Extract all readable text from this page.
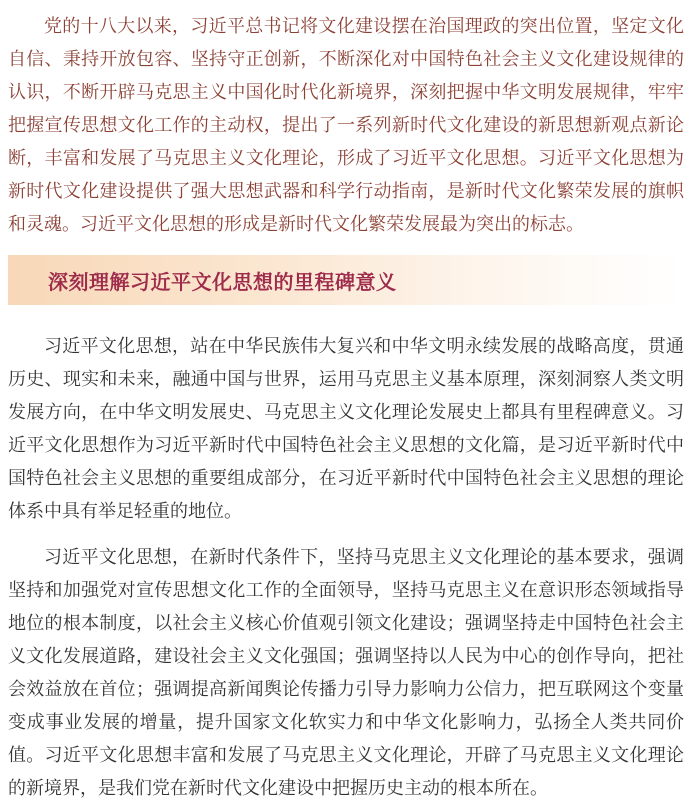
党的十八大以来，习近平总书记将文化建设摆在治国理政的突出位置，坚定文化自信、秉持开放包容、坚持守正创新，不断深化对中国特色社会主义文化建设规律的认识，不断开辟马克思主义中国化时代化新境界，深刻把握中华文明发展规律，牢牢把握宣传思想文化工作的主动权，提出了一系列新时代文化建设的新思想新观点新论断，丰富和发展了马克思主义文化理论，形成了习近平文化思想。习近平文化思想为新时代文化建设提供了强大思想武器和科学行动指南，是新时代文化繁荣发展的旗帜和灵魂。习近平文化思想的形成是新时代文化繁荣发展最为突出的标志。

深刻理解习近平文化思想的里程碑意义

习近平文化思想，站在中华民族伟大复兴和中华文明永续发展的战略高度，贯通历史、现实和未来，融通中国与世界，运用马克思主义基本原理，深刻洞察人类文明发展方向，在中华文明发展史、马克思主义文化理论发展史上都具有里程碑意义。习近平文化思想作为习近平新时代中国特色社会主义思想的文化篇，是习近平新时代中国特色社会主义思想的重要组成部分，在习近平新时代中国特色社会主义思想的理论体系中具有举足轻重的地位。

习近平文化思想，在新时代条件下，坚持马克思主义文化理论的基本要求，强调坚持和加强党对宣传思想文化工作的全面领导，坚持马克思主义在意识形态领域指导地位的根本制度，以社会主义核心价值观引领文化建设；强调坚持走中国特色社会主义文化发展道路，建设社会主义文化强国；强调坚持以人民为中心的创作导向，把社会效益放在首位；强调提高新闻舆论传播力引导力影响力公信力，把互联网这个变量变成事业发展的增量，提升国家文化软实力和中华文化影响力，弘扬全人类共同价值。习近平文化思想丰富和发展了马克思主义文化理论，开辟了马克思主义文化理论的新境界，是我们党在新时代文化建设中把握历史主动的根本所在。
